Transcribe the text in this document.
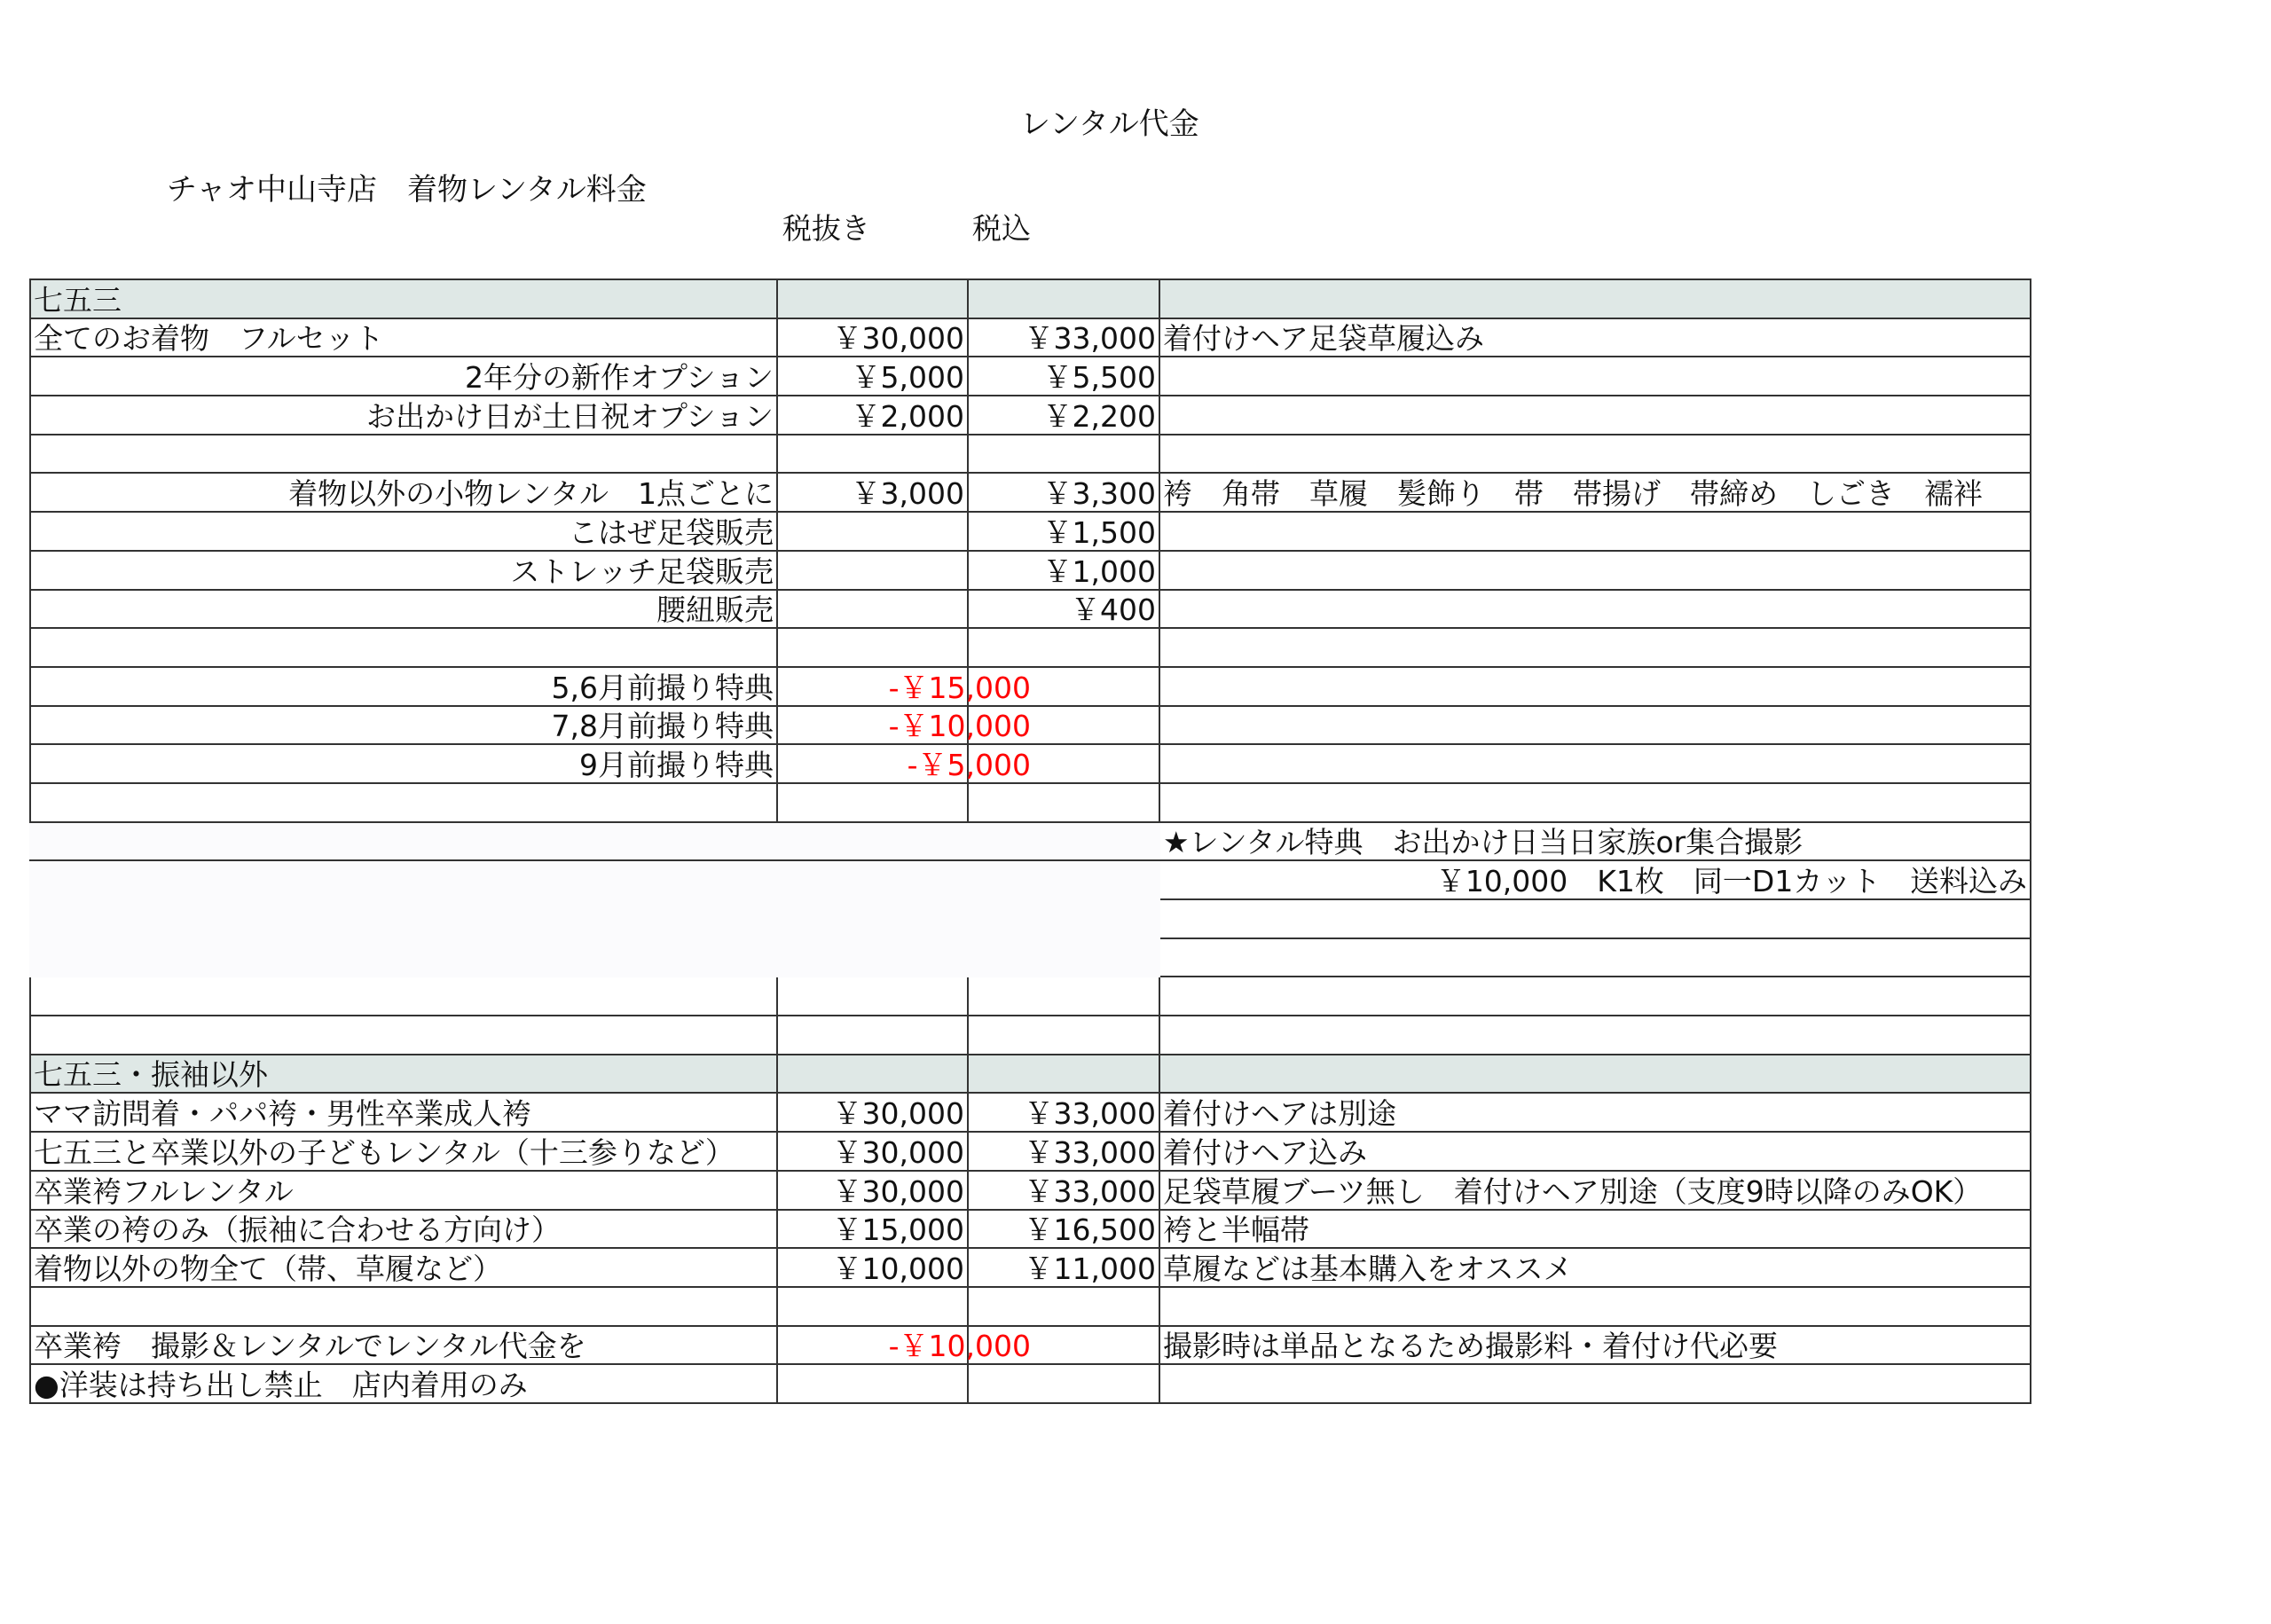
レンタル代金
チャオ中山寺店　着物レンタル料金
税抜き	税込
七五三			
全てのお着物　フルセット	￥30,000	￥33,000	着付けヘア足袋草履込み
2年分の新作オプション	￥5,000	￥5,500	
お出かけ日が土日祝オプション	￥2,000	￥2,200	

着物以外の小物レンタル　1点ごとに	￥3,000	￥3,300	袴　角帯　草履　髪飾り　帯　帯揚げ　帯締め　しごき　襦袢
こはぜ足袋販売		￥1,500	
ストレッチ足袋販売		￥1,000	
腰紐販売		￥400	

5,6月前撮り特典	-￥15,000		
7,8月前撮り特典	-￥10,000		
9月前撮り特典	-￥5,000		

			★レンタル特典　お出かけ日当日家族or集合撮影
			￥10,000　K1枚　同一D1カット　送料込み

七五三・振袖以外			
ママ訪問着・パパ袴・男性卒業成人袴	￥30,000	￥33,000	着付けヘアは別途
七五三と卒業以外の子どもレンタル（十三参りなど）	￥30,000	￥33,000	着付けヘア込み
卒業袴フルレンタル	￥30,000	￥33,000	足袋草履ブーツ無し　着付けヘア別途（支度9時以降のみOK）
卒業の袴のみ（振袖に合わせる方向け）	￥15,000	￥16,500	袴と半幅帯
着物以外の物全て（帯、草履など）	￥10,000	￥11,000	草履などは基本購入をオススメ

卒業袴　撮影＆レンタルでレンタル代金を	-￥10,000		撮影時は単品となるため撮影料・着付け代必要
●洋装は持ち出し禁止　店内着用のみ			
